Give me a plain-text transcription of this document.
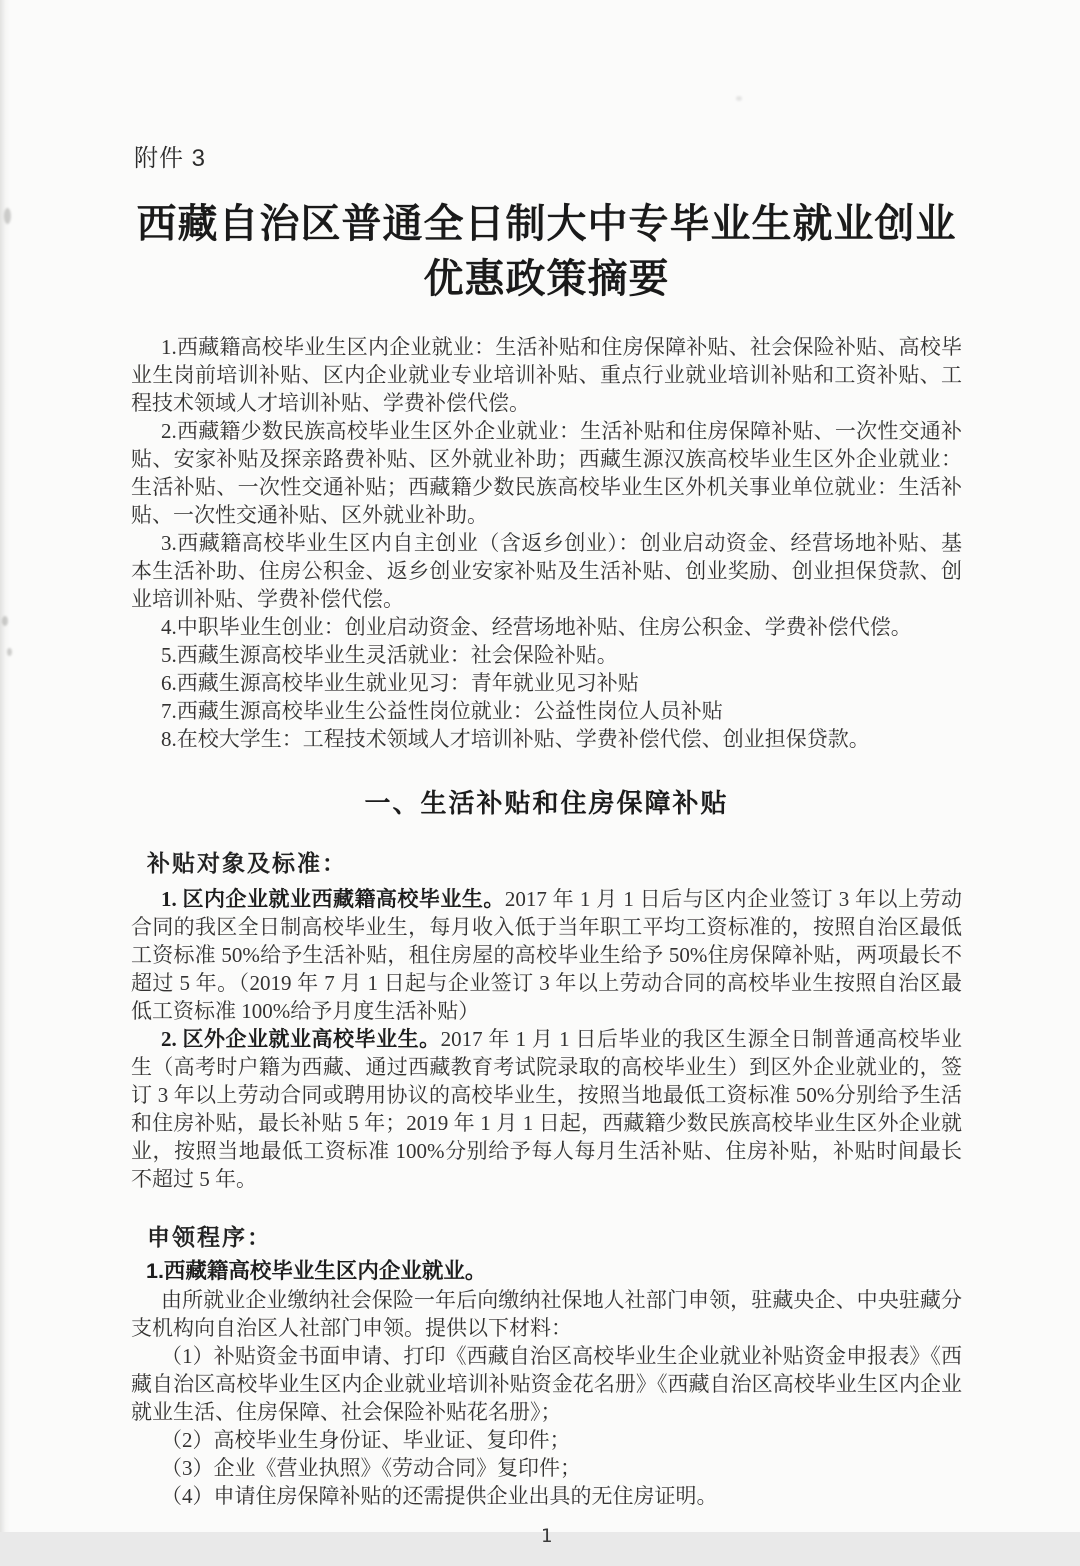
附件 3

西藏自治区普通全日制大中专毕业生就业创业
优惠政策摘要

1.西藏籍高校毕业生区内企业就业：生活补贴和住房保障补贴、社会保险补贴、高校毕业生岗前培训补贴、区内企业就业专业培训补贴、重点行业就业培训补贴和工资补贴、工程技术领域人才培训补贴、学费补偿代偿。

2.西藏籍少数民族高校毕业生区外企业就业：生活补贴和住房保障补贴、一次性交通补贴、安家补贴及探亲路费补贴、区外就业补助；西藏生源汉族高校毕业生区外企业就业：生活补贴、一次性交通补贴；西藏籍少数民族高校毕业生区外机关事业单位就业：生活补贴、一次性交通补贴、区外就业补助。

3.西藏籍高校毕业生区内自主创业（含返乡创业）：创业启动资金、经营场地补贴、基本生活补助、住房公积金、返乡创业安家补贴及生活补贴、创业奖励、创业担保贷款、创业培训补贴、学费补偿代偿。

4.中职毕业生创业：创业启动资金、经营场地补贴、住房公积金、学费补偿代偿。

5.西藏生源高校毕业生灵活就业：社会保险补贴。

6.西藏生源高校毕业生就业见习：青年就业见习补贴

7.西藏生源高校毕业生公益性岗位就业：公益性岗位人员补贴

8.在校大学生：工程技术领域人才培训补贴、学费补偿代偿、创业担保贷款。

一、生活补贴和住房保障补贴

补贴对象及标准：

1. 区内企业就业西藏籍高校毕业生。2017 年 1 月 1 日后与区内企业签订 3 年以上劳动合同的我区全日制高校毕业生，每月收入低于当年职工平均工资标准的，按照自治区最低工资标准 50%给予生活补贴，租住房屋的高校毕业生给予 50%住房保障补贴，两项最长不超过 5 年。（2019 年 7 月 1 日起与企业签订 3 年以上劳动合同的高校毕业生按照自治区最低工资标准 100%给予月度生活补贴）

2. 区外企业就业高校毕业生。2017 年 1 月 1 日后毕业的我区生源全日制普通高校毕业生（高考时户籍为西藏、通过西藏教育考试院录取的高校毕业生）到区外企业就业的，签订 3 年以上劳动合同或聘用协议的高校毕业生，按照当地最低工资标准 50%分别给予生活和住房补贴，最长补贴 5 年；2019 年 1 月 1 日起，西藏籍少数民族高校毕业生区外企业就业，按照当地最低工资标准 100%分别给予每人每月生活补贴、住房补贴，补贴时间最长不超过 5 年。

申领程序：

1.西藏籍高校毕业生区内企业就业。

由所就业企业缴纳社会保险一年后向缴纳社保地人社部门申领，驻藏央企、中央驻藏分支机构向自治区人社部门申领。提供以下材料：

（1）补贴资金书面申请、打印《西藏自治区高校毕业生企业就业补贴资金申报表》《西藏自治区高校毕业生区内企业就业培训补贴资金花名册》《西藏自治区高校毕业生区内企业就业生活、住房保障、社会保险补贴花名册》；

（2）高校毕业生身份证、毕业证、复印件；

（3）企业《营业执照》《劳动合同》复印件；

（4）申请住房保障补贴的还需提供企业出具的无住房证明。

1
